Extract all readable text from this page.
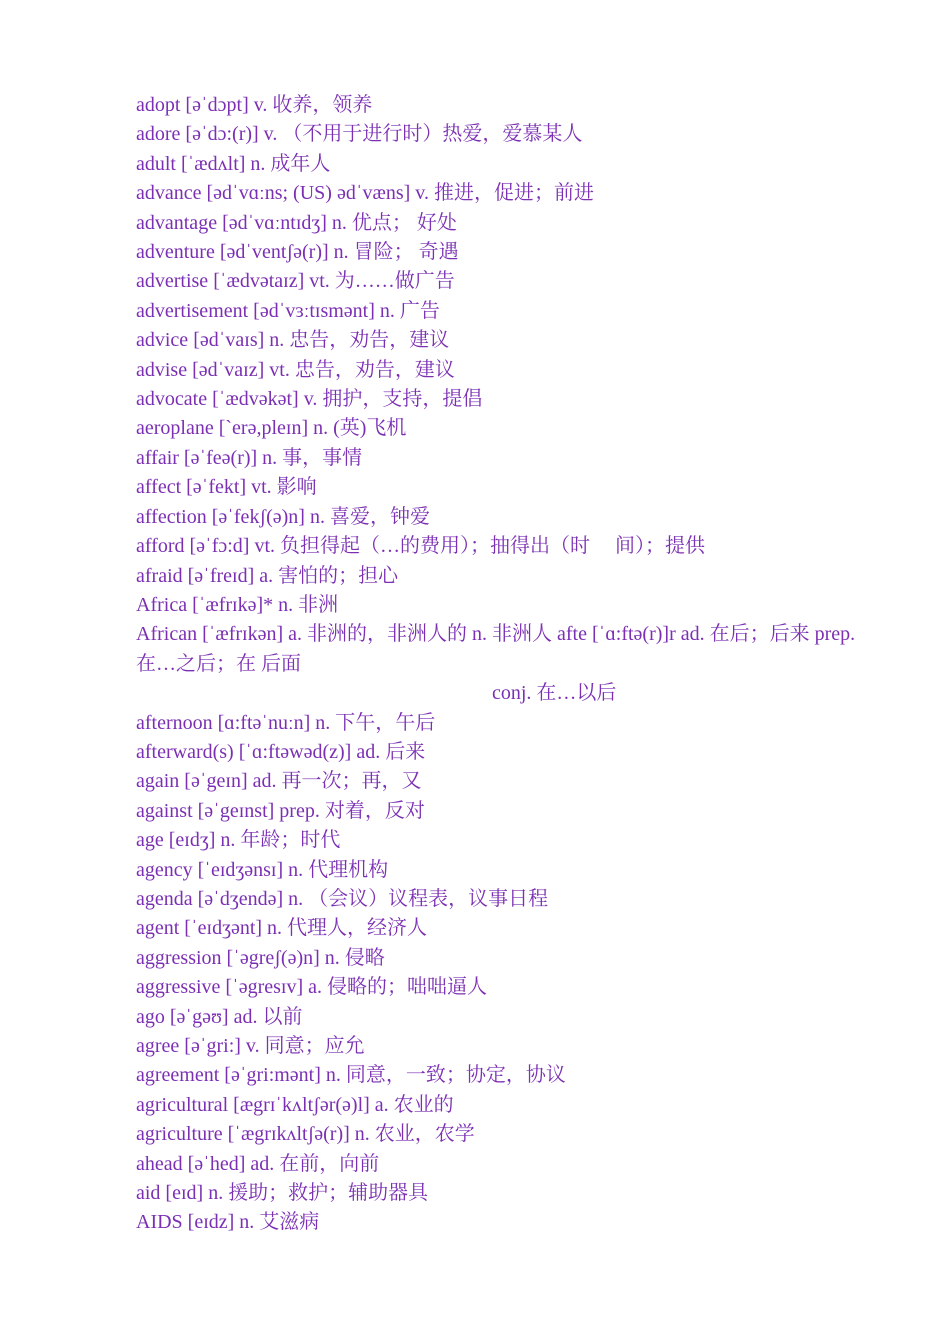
adopt [əˈdɔpt] v. 收养，领养
adore [əˈdɔ:(r)] v. （不用于进行时）热爱，爱慕某人
adult [ˈædʌlt] n. 成年人
advance [ədˈvɑːns; (US) ədˈvæns] v. 推进，促进；前进
advantage [ədˈvɑːntɪdʒ] n. 优点； 好处
adventure [ədˈventʃə(r)] n. 冒险； 奇遇
advertise [ˈædvətaɪz] vt. 为……做广告
advertisement [ədˈvɜːtɪsmənt] n. 广告
advice [ədˈvaɪs] n. 忠告，劝告，建议
advise [ədˈvaɪz] vt. 忠告，劝告，建议
advocate [ˈædvəkət] v. 拥护，支持，提倡
aeroplane [`erə,pleɪn] n. (英)飞机
affair [əˈfeə(r)] n. 事，事情
affect [əˈfekt] vt. 影响
affection [əˈfekʃ(ə)n] n. 喜爱，钟爱
afford [əˈfɔ:d] vt. 负担得起（…的费用）；抽得出（时　 间）；提供
afraid [əˈfreɪd] a. 害怕的；担心
Africa [ˈæfrɪkə]* n. 非洲
African [ˈæfrɪkən] a. 非洲的，非洲人的 n. 非洲人 afte [ˈɑ:ftə(r)]r ad. 在后；后来 prep. 在…之后；在 后面
conj. 在…以后
afternoon [ɑ:ftəˈnuːn] n. 下午，午后
afterward(s) [ˈɑ:ftəwəd(z)] ad. 后来
again [əˈgeɪn] ad. 再一次；再，又
against [əˈgeɪnst] prep. 对着，反对
age [eɪdʒ] n. 年龄；时代
agency [ˈeɪdʒənsɪ] n. 代理机构
agenda [əˈdʒendə] n. （会议）议程表，议事日程
agent [ˈeɪdʒənt] n. 代理人，经济人
aggression [ˈəgreʃ(ə)n] n. 侵略
aggressive [ˈəgresɪv] a. 侵略的；咄咄逼人
ago [əˈgəʊ] ad. 以前
agree [əˈgri:] v. 同意；应允
agreement [əˈgri:mənt] n. 同意，一致；协定，协议
agricultural [ægrɪˈkʌltʃər(ə)l] a. 农业的
agriculture [ˈægrɪkʌltʃə(r)] n. 农业，农学
ahead [əˈhed] ad. 在前，向前
aid [eɪd] n. 援助；救护；辅助器具
AIDS [eɪdz] n. 艾滋病
